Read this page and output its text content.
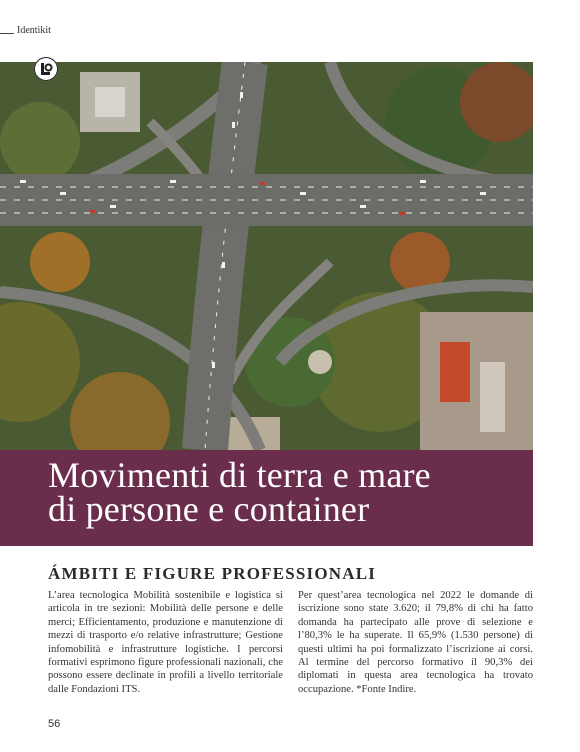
Identikit
Movimenti di terra e mare
di persone e container
ÁMBITI E FIGURE PROFESSIONALI

L’area tecnologica Mobilità sostenibile e logistica si articola in tre sezioni: Mobilità delle persone e delle merci; Efficientamento, produzione e manutenzione di mezzi di trasporto e/o relative infrastrutture; Gestione infomobilità e infrastrutture logistiche. I percorsi formativi esprimono figure professionali nazionali, che possono essere declinate in profili a livello territoriale dalle Fondazioni ITS.

Per quest’area tecnologica nel 2022 le domande di iscrizione sono state 3.620; il 79,8% di chi ha fatto domanda ha partecipato alle prove di selezione e l’80,3% le ha superate. Il 65,9% (1.530 persone) di questi ultimi ha poi formalizzato l’iscrizione ai corsi. Al termine del percorso formativo il 90,3% dei diplomati in questa area tecnologica ha trovato occupazione. *Fonte Indire.

56
